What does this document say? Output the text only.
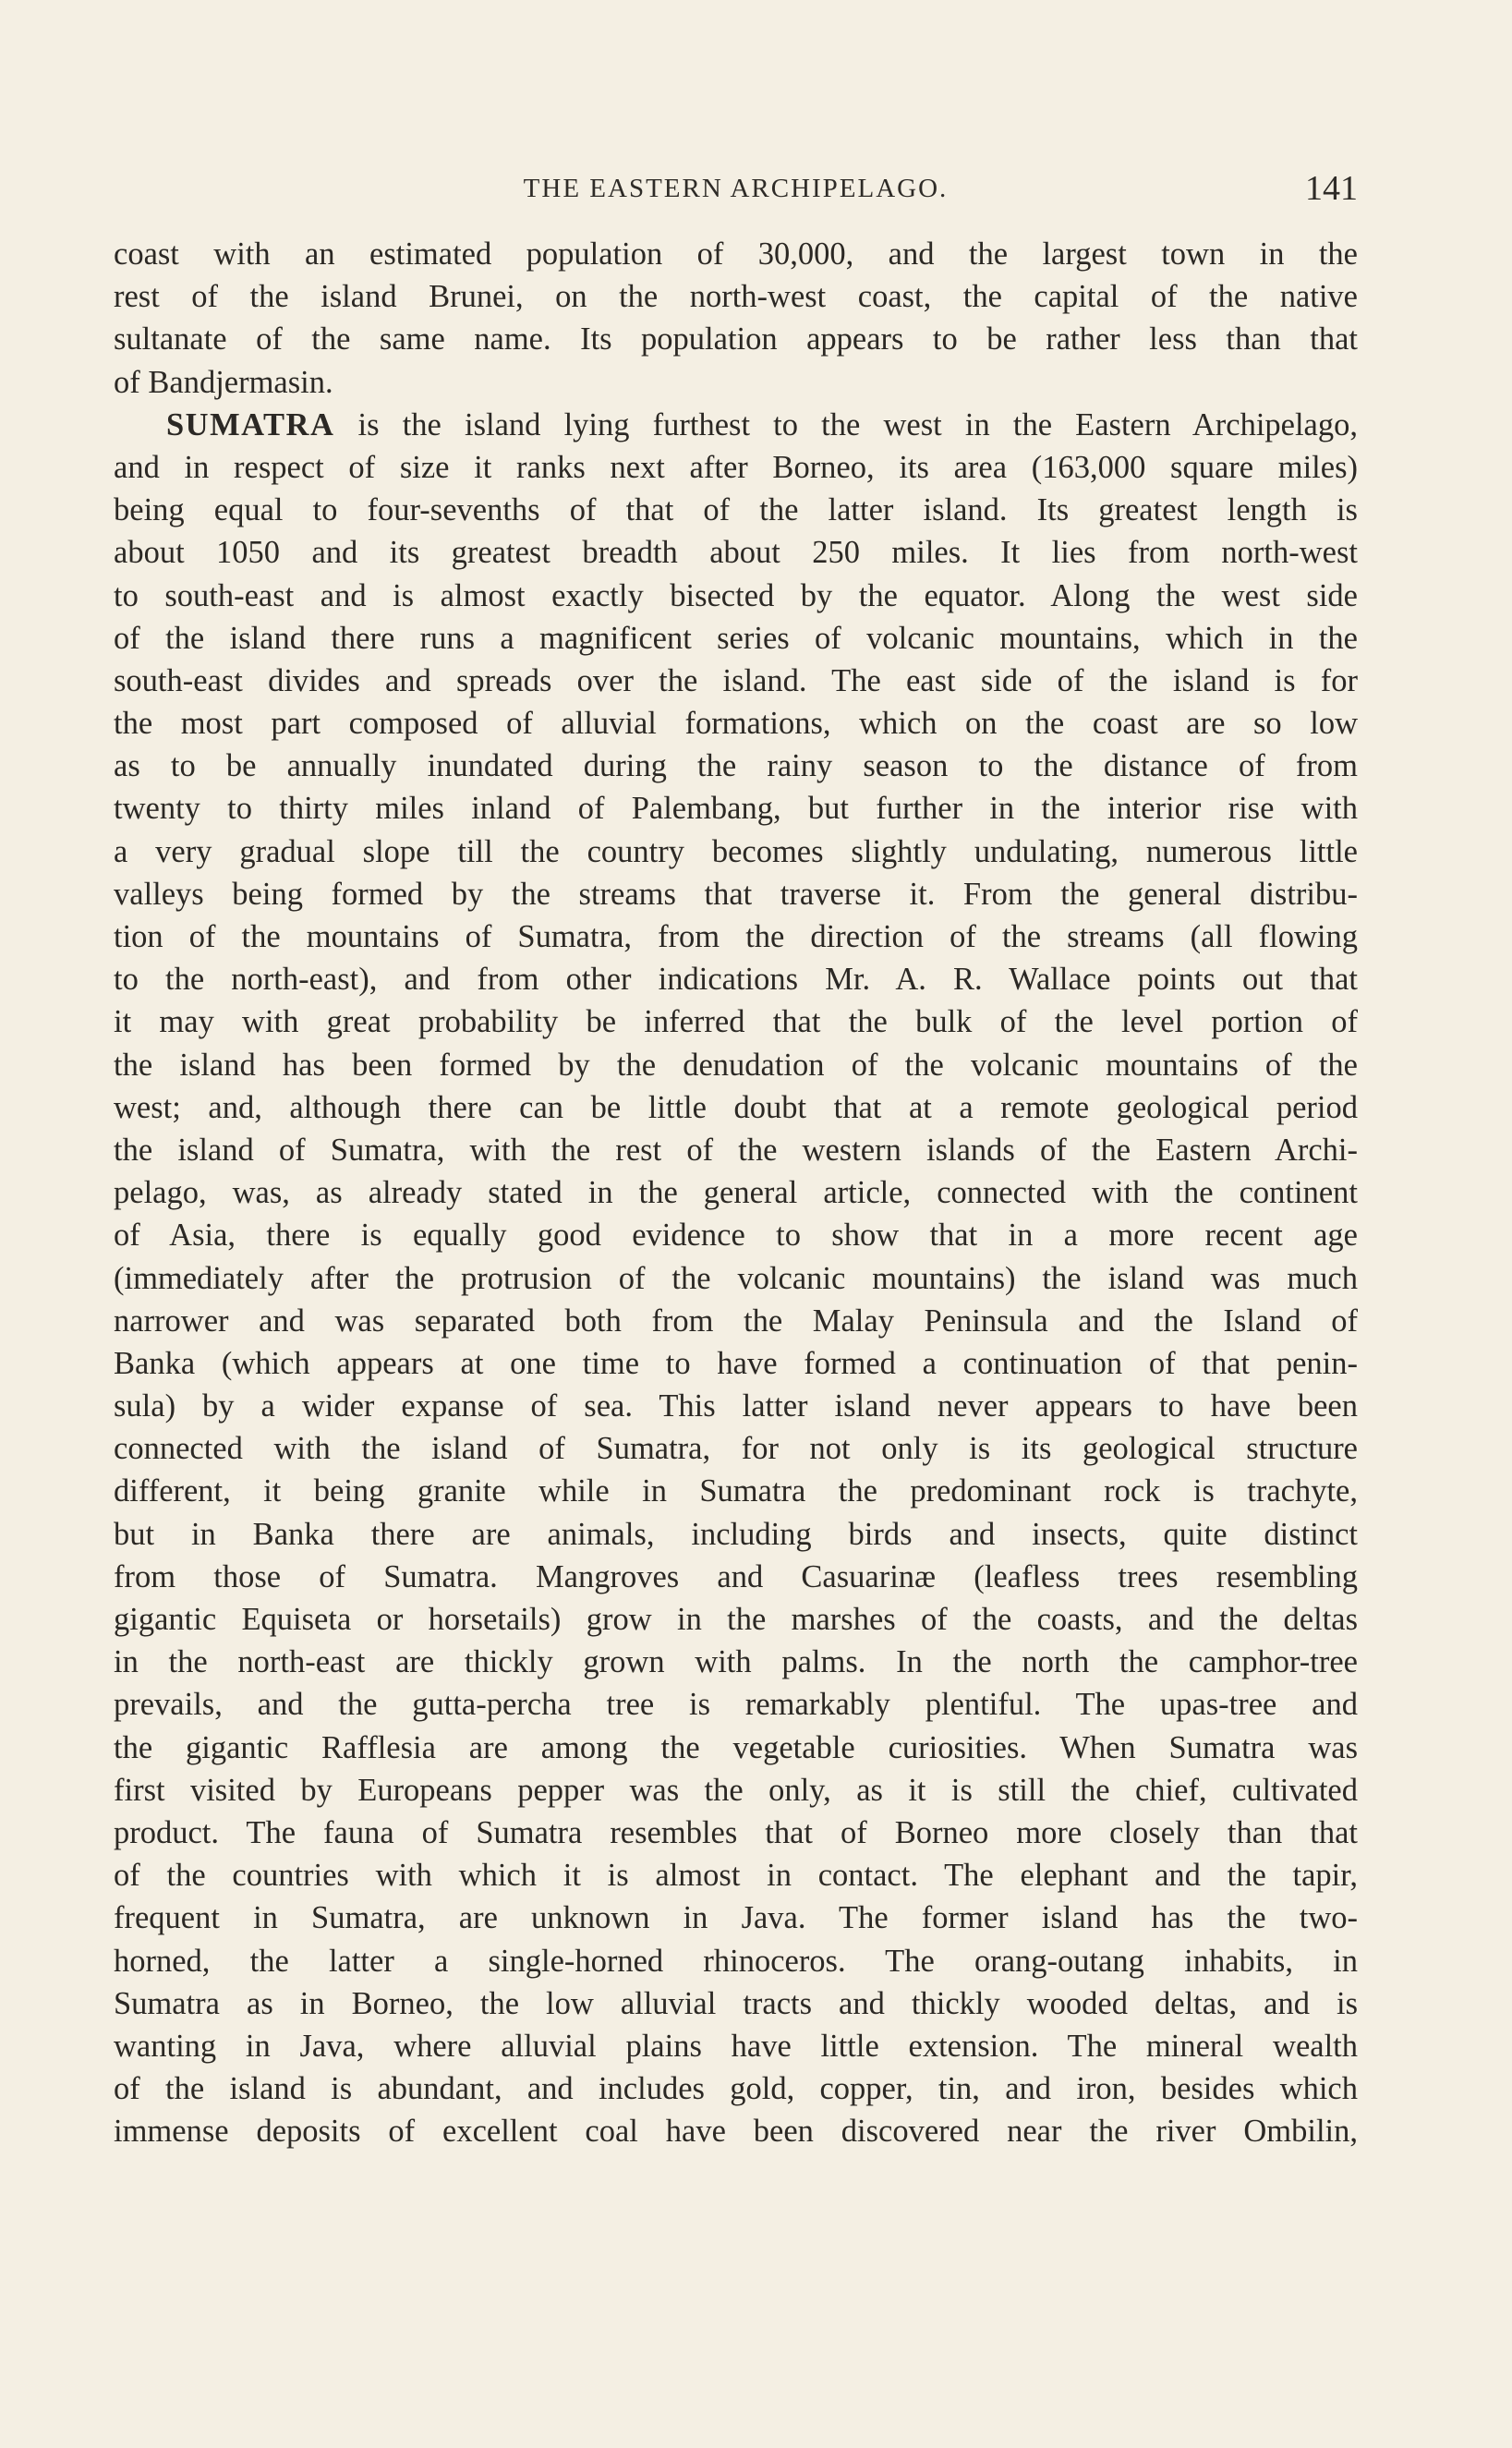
THE EASTERN ARCHIPELAGO.	141
coast with an estimated population of 30,000, and the largest town in the
rest of the island Brunei, on the north-west coast, the capital of the native
sultanate of the same name. Its population appears to be rather less than that
of Bandjermasin.
SUMATRA is the island lying furthest to the west in the Eastern Archipelago,
and in respect of size it ranks next after Borneo, its area (163,000 square miles)
being equal to four-sevenths of that of the latter island. Its greatest length is
about 1050 and its greatest breadth about 250 miles. It lies from north-west
to south-east and is almost exactly bisected by the equator. Along the west side
of the island there runs a magnificent series of volcanic mountains, which in the
south-east divides and spreads over the island. The east side of the island is for
the most part composed of alluvial formations, which on the coast are so low
as to be annually inundated during the rainy season to the distance of from
twenty to thirty miles inland of Palembang, but further in the interior rise with
a very gradual slope till the country becomes slightly undulating, numerous little
valleys being formed by the streams that traverse it. From the general distribu-
tion of the mountains of Sumatra, from the direction of the streams (all flowing
to the north-east), and from other indications Mr. A. R. Wallace points out that
it may with great probability be inferred that the bulk of the level portion of
the island has been formed by the denudation of the volcanic mountains of the
west; and, although there can be little doubt that at a remote geological period
the island of Sumatra, with the rest of the western islands of the Eastern Archi-
pelago, was, as already stated in the general article, connected with the continent
of Asia, there is equally good evidence to show that in a more recent age
(immediately after the protrusion of the volcanic mountains) the island was much
narrower and was separated both from the Malay Peninsula and the Island of
Banka (which appears at one time to have formed a continuation of that penin-
sula) by a wider expanse of sea. This latter island never appears to have been
connected with the island of Sumatra, for not only is its geological structure
different, it being granite while in Sumatra the predominant rock is trachyte,
but in Banka there are animals, including birds and insects, quite distinct
from those of Sumatra. Mangroves and Casuarinæ (leafless trees resembling
gigantic Equiseta or horsetails) grow in the marshes of the coasts, and the deltas
in the north-east are thickly grown with palms. In the north the camphor-tree
prevails, and the gutta-percha tree is remarkably plentiful. The upas-tree and
the gigantic Rafflesia are among the vegetable curiosities. When Sumatra was
first visited by Europeans pepper was the only, as it is still the chief, cultivated
product. The fauna of Sumatra resembles that of Borneo more closely than that
of the countries with which it is almost in contact. The elephant and the tapir,
frequent in Sumatra, are unknown in Java. The former island has the two-
horned, the latter a single-horned rhinoceros. The orang-outang inhabits, in
Sumatra as in Borneo, the low alluvial tracts and thickly wooded deltas, and is
wanting in Java, where alluvial plains have little extension. The mineral wealth
of the island is abundant, and includes gold, copper, tin, and iron, besides which
immense deposits of excellent coal have been discovered near the river Ombilin,
